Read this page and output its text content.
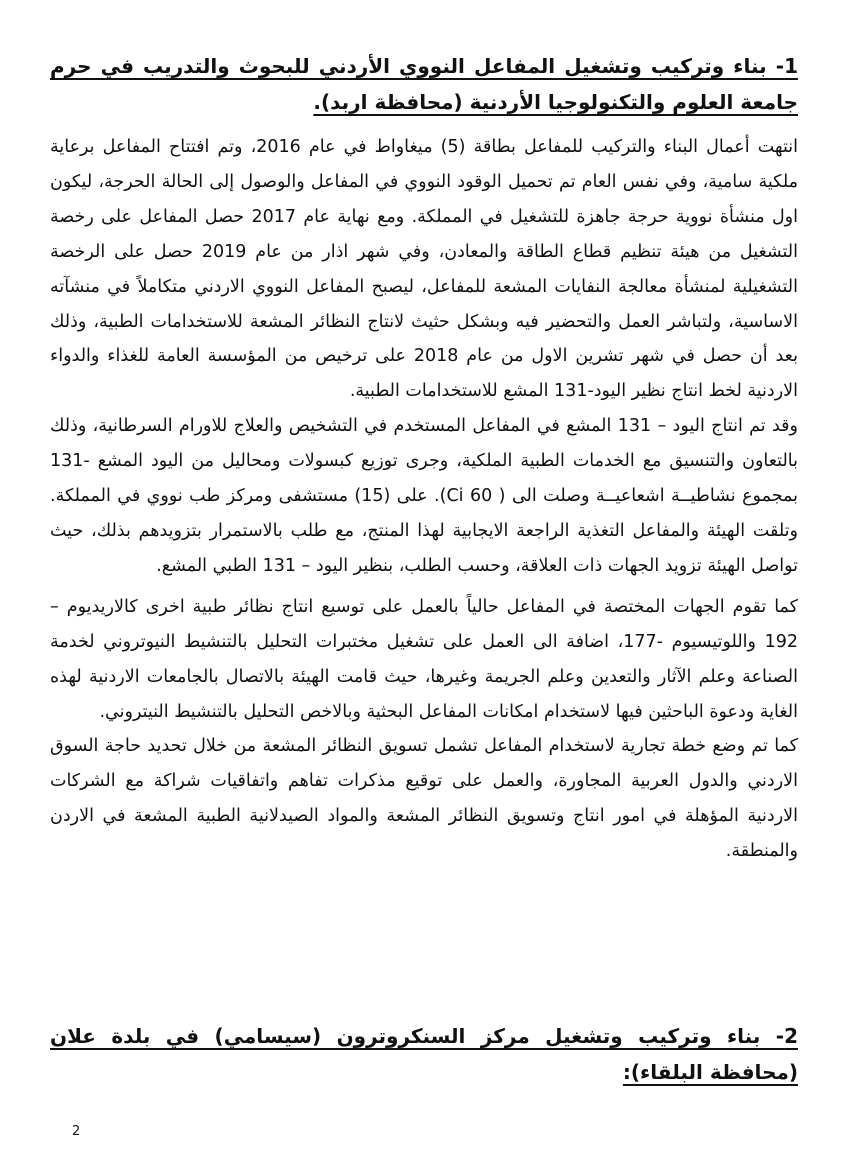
1- بناء وتركيب وتشغيل المفاعل النووي الأردني للبحوث والتدريب في حرم جامعة العلوم والتكنولوجيا الأردنية (محافظة اربد).

انتهت أعمال البناء والتركيب للمفاعل بطاقة (5) ميغاواط في عام 2016، وتم افتتاح المفاعل برعاية ملكية سامية، وفي نفس العام تم تحميل الوقود النووي في المفاعل والوصول إلى الحالة الحرجة، ليكون اول منشأة نووية حرجة جاهزة للتشغيل في المملكة. ومع نهاية عام 2017 حصل المفاعل على رخصة التشغيل من هيئة تنظيم قطاع الطاقة والمعادن، وفي شهر اذار من عام 2019 حصل على الرخصة التشغيلية لمنشأة معالجة النفايات المشعة للمفاعل، ليصبح المفاعل النووي الاردني متكاملاً في منشآته الاساسية، ولتباشر العمل والتحضير فيه وبشكل حثيث لانتاج النظائر المشعة للاستخدامات الطبية، وذلك بعد أن حصل في شهر تشرين الاول من عام 2018 على ترخيص من المؤسسة العامة للغذاء والدواء الاردنية لخط انتاج نظير اليود-131 المشع للاستخدامات الطبية.

وقد تم انتاج اليود – 131 المشع في المفاعل المستخدم في التشخيص والعلاج للاورام السرطانية، وذلك بالتعاون والتنسيق مع الخدمات الطبية الملكية، وجرى توزيع كبسولات ومحاليل من اليود المشع -131 بمجموع نشاطيــة اشعاعيــة وصلت الى ( Ci 60). على (15) مستشفى ومركز طب نووي في المملكة. وتلقت الهيئة والمفاعل التغذية الراجعة الايجابية لهذا المنتج، مع طلب بالاستمرار بتزويدهم بذلك، حيث تواصل الهيئة تزويد الجهات ذات العلاقة، وحسب الطلب، بنظير اليود – 131 الطبي المشع.

كما تقوم الجهات المختصة في المفاعل حالياً بالعمل على توسيع انتاج نظائر طبية اخرى كالاريديوم – 192 واللوتيسيوم -177، اضافة الى العمل على تشغيل مختبرات التحليل بالتنشيط النيوتروني لخدمة الصناعة وعلم الآثار والتعدين وعلم الجريمة وغيرها، حيث قامت الهيئة بالاتصال بالجامعات الاردنية لهذه الغاية ودعوة الباحثين فيها لاستخدام امكانات المفاعل البحثية وبالاخص التحليل بالتنشيط النيتروني.

كما تم وضع خطة تجارية لاستخدام المفاعل تشمل تسويق النظائر المشعة من خلال تحديد حاجة السوق الاردني والدول العربية المجاورة، والعمل على توقيع مذكرات تفاهم واتفاقيات شراكة مع الشركات الاردنية المؤهلة في امور انتاج وتسويق النظائر المشعة والمواد الصيدلانية الطبية المشعة في الاردن والمنطقة.

2- بناء وتركيب وتشغيل مركز السنكروترون (سيسامي) في بلدة علان (محافظة البلقاء):
2
